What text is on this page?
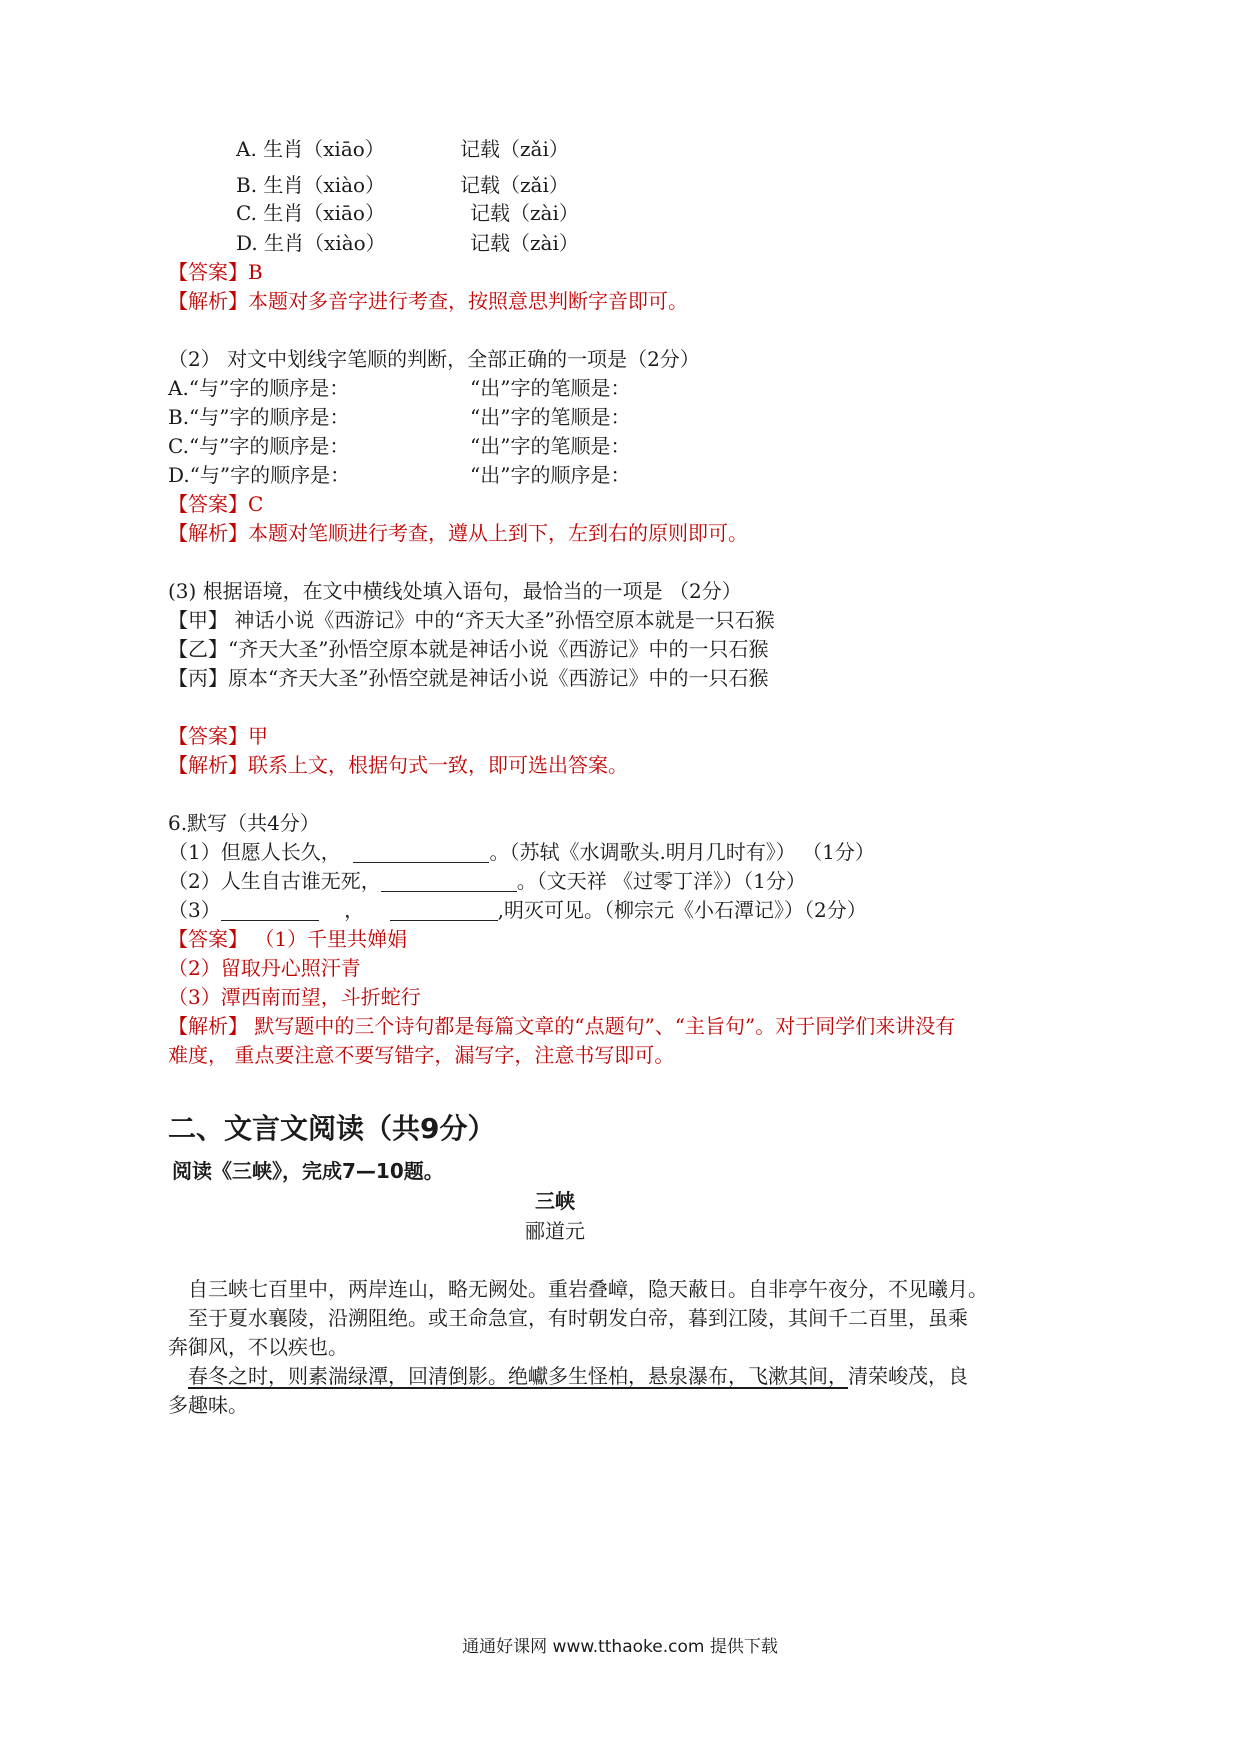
A. 生肖（xiāo）	记载（zǎi）
B. 生肖（xiào）	记载（zǎi）
C. 生肖（xiāo）	记载（zài）
D. 生肖（xiào）	记载（zài）
【答案】B
【解析】本题对多音字进行考查，按照意思判断字音即可。
（2） 对文中划线字笔顺的判断，全部正确的一项是（2分）
A.“与”字的顺序是：	“出”字的笔顺是：
B.“与”字的顺序是：	“出”字的笔顺是：
C.“与”字的顺序是：	“出”字的笔顺是：
D.“与”字的顺序是：	“出”字的顺序是：
【答案】C
【解析】本题对笔顺进行考查，遵从上到下，左到右的原则即可。
(3) 根据语境，在文中横线处填入语句，最恰当的一项是 （2分）
【甲】 神话小说《西游记》中的“齐天大圣”孙悟空原本就是一只石猴
【乙】“齐天大圣”孙悟空原本就是神话小说《西游记》中的一只石猴
【丙】原本“齐天大圣”孙悟空就是神话小说《西游记》中的一只石猴
【答案】甲
【解析】联系上文，根据句式一致，即可选出答案。
6.默写（共4分）
（1）但愿人长久，	。（苏轼《水调歌头.明月几时有》） （1分）
（2）人生自古谁无死，	。（文天祥 《过零丁洋》）（1分）
（3）	，	,明灭可见。（柳宗元《小石潭记》）（2分）
【答案】 （1）千里共婵娟
（2）留取丹心照汗青
（3）潭西南而望，斗折蛇行
【解析】 默写题中的三个诗句都是每篇文章的“点题句”、“主旨句”。对于同学们来讲没有
难度， 重点要注意不要写错字，漏写字，注意书写即可。
二、文言文阅读（共9分）
阅读《三峡》，完成7—10题。
三峡
郦道元
自三峡七百里中，两岸连山，略无阙处。重岩叠嶂，隐天蔽日。自非亭午夜分，不见曦月。
至于夏水襄陵，沿溯阻绝。或王命急宣，有时朝发白帝，暮到江陵，其间千二百里，虽乘
奔御风，不以疾也。
春冬之时，则素湍绿潭，回清倒影。绝巘多生怪柏，悬泉瀑布，飞漱其间，清荣峻茂，良
多趣味。
通通好课网 www.tthaoke.com 提供下载
